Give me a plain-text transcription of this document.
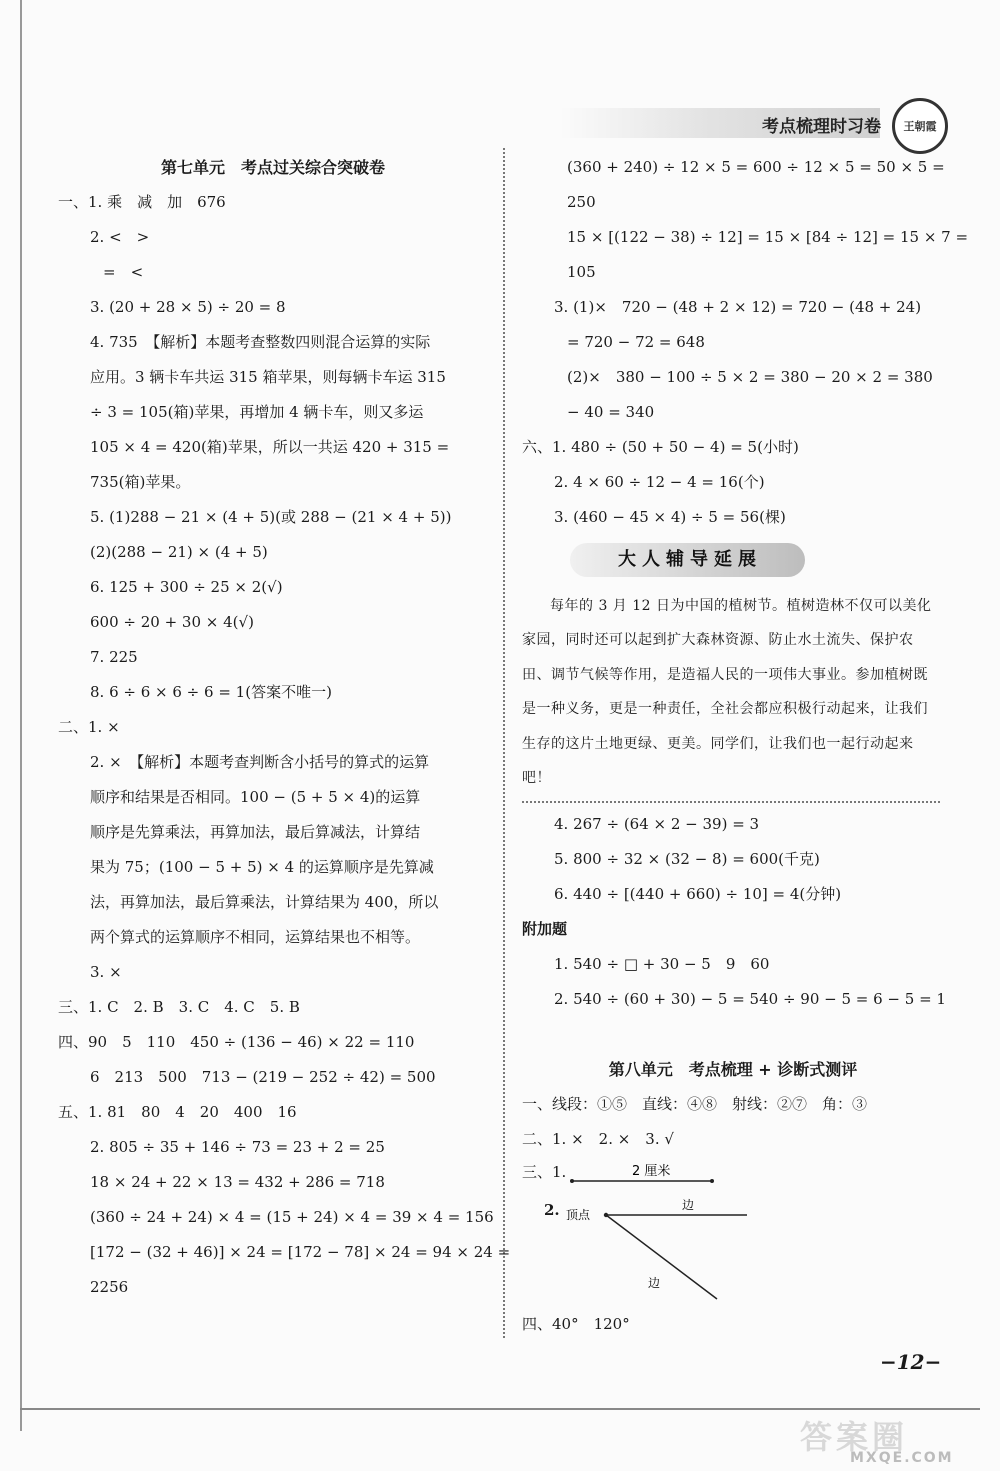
考点梳理时习卷 王朝霞
第七单元　考点过关综合突破卷
一、1. 乘　减　加　676
2. <　>
=　<
3. (20 + 28 × 5) ÷ 20 = 8
4. 735　【解析】本题考查整数四则混合运算的实际
应用。3 辆卡车共运 315 箱苹果，则每辆卡车运 315
÷ 3 = 105(箱)苹果，再增加 4 辆卡车，则又多运
105 × 4 = 420(箱)苹果，所以一共运 420 + 315 =
735(箱)苹果。
5. (1)288 − 21 × (4 + 5)(或 288 − (21 × 4 + 5))
(2)(288 − 21) × (4 + 5)
6. 125 + 300 ÷ 25 × 2(√)
600 ÷ 20 + 30 × 4(√)
7. 225
8. 6 ÷ 6 × 6 ÷ 6 = 1(答案不唯一)
二、1. ×
2. ×　【解析】本题考查判断含小括号的算式的运算
顺序和结果是否相同。100 − (5 + 5 × 4)的运算
顺序是先算乘法，再算加法，最后算减法，计算结
果为 75；(100 − 5 + 5) × 4 的运算顺序是先算减
法，再算加法，最后算乘法，计算结果为 400，所以
两个算式的运算顺序不相同，运算结果也不相等。
3. ×
三、1. C　2. B　3. C　4. C　5. B
四、90　5　110　450 ÷ (136 − 46) × 22 = 110
6　213　500　713 − (219 − 252 ÷ 42) = 500
五、1. 81　80　4　20　400　16
2. 805 ÷ 35 + 146 ÷ 73 = 23 + 2 = 25
18 × 24 + 22 × 13 = 432 + 286 = 718
(360 ÷ 24 + 24) × 4 = (15 + 24) × 4 = 39 × 4 = 156
[172 − (32 + 46)] × 24 = [172 − 78] × 24 = 94 × 24 =
2256
(360 + 240) ÷ 12 × 5 = 600 ÷ 12 × 5 = 50 × 5 =
250
15 × [(122 − 38) ÷ 12] = 15 × [84 ÷ 12] = 15 × 7 =
105
3. (1)×　720 − (48 + 2 × 12) = 720 − (48 + 24)
= 720 − 72 = 648
(2)×　380 − 100 ÷ 5 × 2 = 380 − 20 × 2 = 380
− 40 = 340
六、1. 480 ÷ (50 + 50 − 4) = 5(小时)
2. 4 × 60 ÷ 12 − 4 = 16(个)
3. (460 − 45 × 4) ÷ 5 = 56(棵)
大人辅导延展
每年的 3 月 12 日为中国的植树节。植树造林不仅可以美化家园，同时还可以起到扩大森林资源、防止水土流失、保护农田、调节气候等作用，是造福人民的一项伟大事业。参加植树既是一种义务，更是一种责任，全社会都应积极行动起来，让我们生存的这片土地更绿、更美。同学们，让我们也一起行动起来吧！
4. 267 ÷ (64 × 2 − 39) = 3
5. 800 ÷ 32 × (32 − 8) = 600(千克)
6. 440 ÷ [(440 + 660) ÷ 10] = 4(分钟)
附加题
1. 540 ÷ □ + 30 − 5　9　60
2. 540 ÷ (60 + 30) − 5 = 540 ÷ 90 − 5 = 6 − 5 = 1
第八单元　考点梳理 + 诊断式测评
一、线段：①⑤　直线：④⑧　射线：②⑦　角：③
二、1. ×　2. ×　3. √
三、1.	2 厘米
2. 顶点
边
边
四、40°　120°
−12−
答案圈
MXQE.COM
